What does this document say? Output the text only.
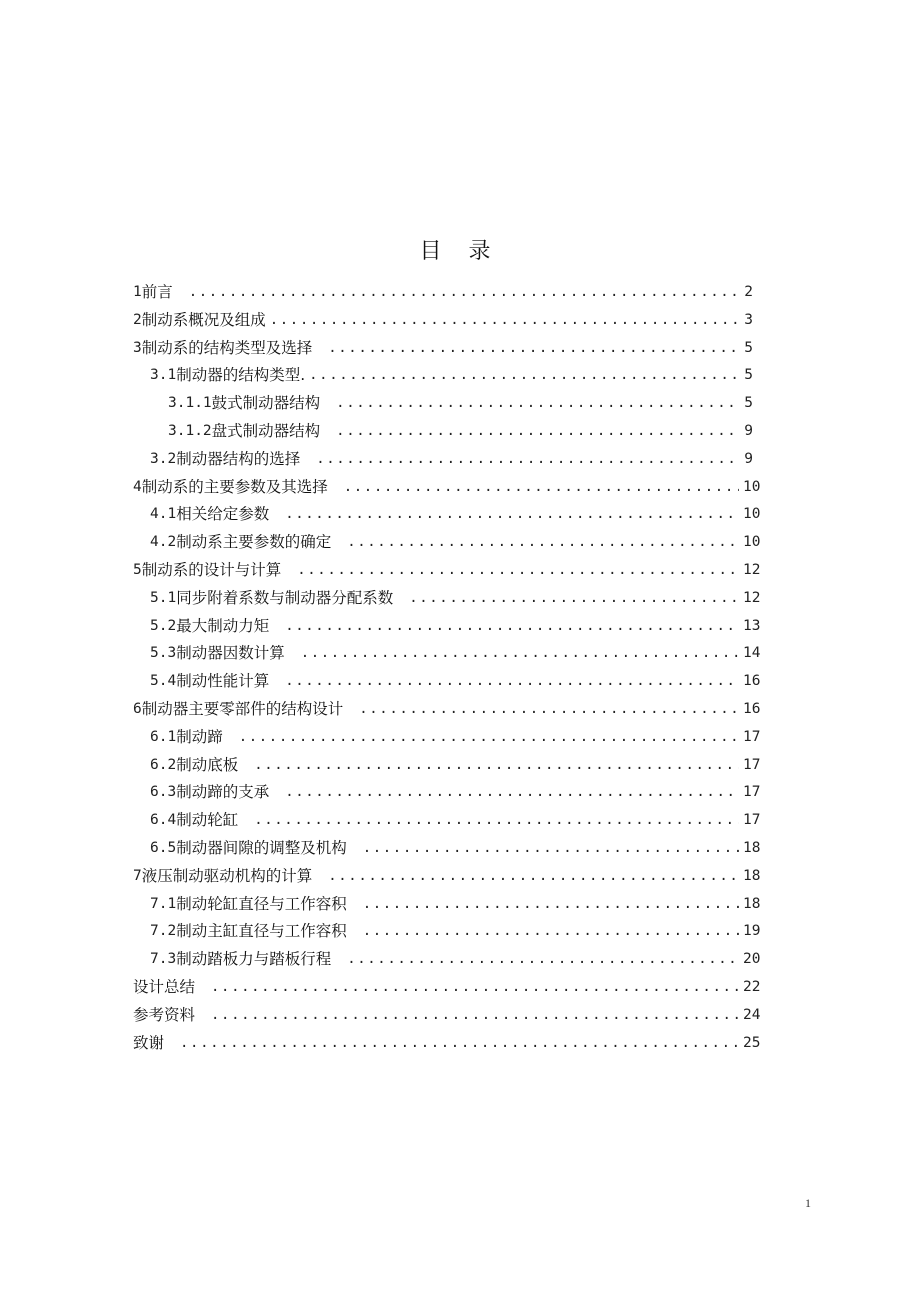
目 录
1 前言 .....	2
2 制动系概况及组成 .....	3
3 制动系的结构类型及选择 .....	5
3.1 制动器的结构类型. .....	5
3.1.1 鼓式制动器结构 .....	5
3.1.2 盘式制动器结构 .....	9
3.2 制动器结构的选择 .....	9
4 制动系的主要参数及其选择 .....	10
4.1 相关给定参数 .....	10
4.2 制动系主要参数的确定 .....	10
5 制动系的设计与计算 .....	12
5.1 同步附着系数与制动器分配系数 .....	12
5.2 最大制动力矩 .....	13
5.3 制动器因数计算 .....	14
5.4 制动性能计算 .....	16
6 制动器主要零部件的结构设计 .....	16
6.1 制动蹄 .....	17
6.2 制动底板 .....	17
6.3 制动蹄的支承 .....	17
6.4 制动轮缸 .....	17
6.5 制动器间隙的调整及机构 .....	18
7 液压制动驱动机构的计算 .....	18
7.1 制动轮缸直径与工作容积 .....	18
7.2 制动主缸直径与工作容积 .....	19
7.3 制动踏板力与踏板行程 .....	20
设计总结 .....	22
参考资料 .....	24
致谢 .....	25
1
